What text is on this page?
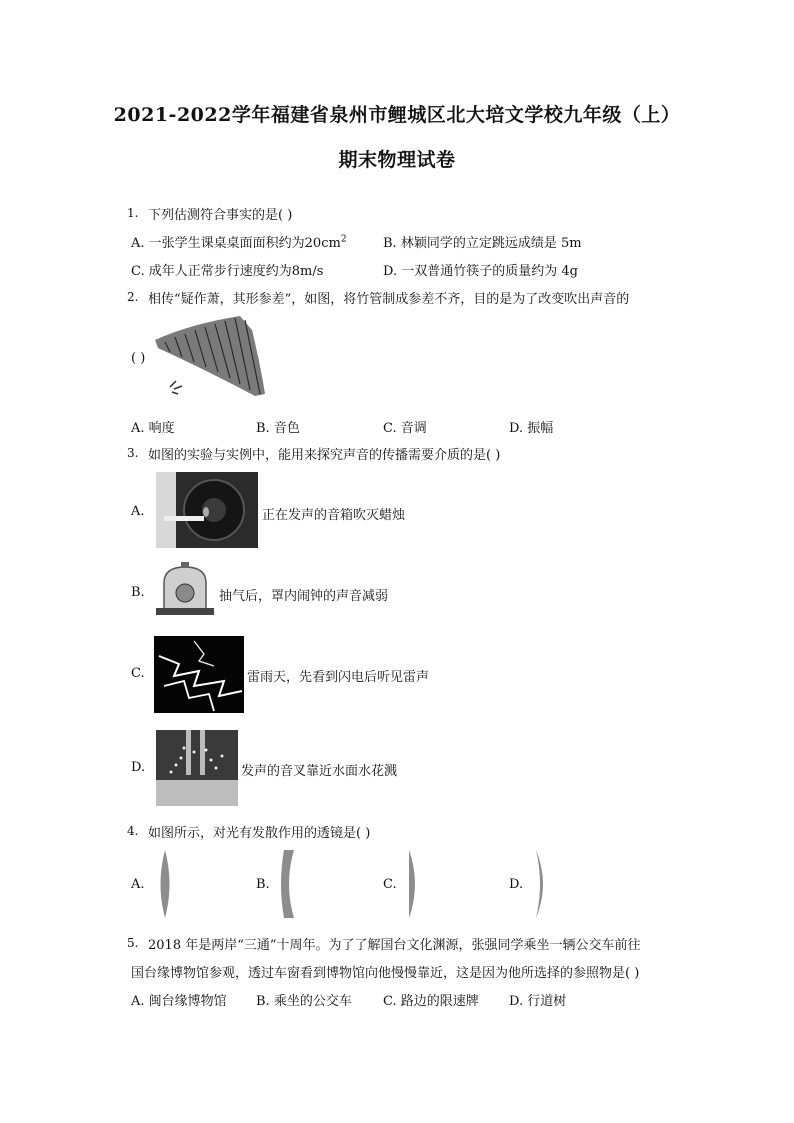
2021-2022学年福建省泉州市鲤城区北大培文学校九年级（上）
期末物理试卷
1. 下列估测符合事实的是( )
A. 一张学生课桌桌面面积约为$20cm^2$	B. 林颖同学的立定跳远成绩是 5m
C. 成年人正常步行速度约为8m/s	D. 一双普通竹筷子的质量约为 4g
2. 相传“疑作萧，其形参差”，如图，将竹管制成参差不齐，目的是为了改变吹出声音的
( )
A. 响度	B. 音色	C. 音调	D. 振幅
3. 如图的实验与实例中，能用来探究声音的传播需要介质的是( )
A.	正在发声的音箱吹灭蜡烛
B.	抽气后，罩内闹钟的声音减弱
C.	雷雨天，先看到闪电后听见雷声
D.	发声的音叉靠近水面水花溅
4. 如图所示，对光有发散作用的透镜是( )
A.	B.	C.	D.
5. 2018 年是两岸“三通”十周年。为了了解国台文化渊源，张强同学乘坐一辆公交车前往
国台缘博物馆参观，透过车窗看到博物馆向他慢慢靠近，这是因为他所选择的参照物是( )
A. 闽台缘博物馆 B. 乘坐的公交车 C. 路边的限速牌 D. 行道树
